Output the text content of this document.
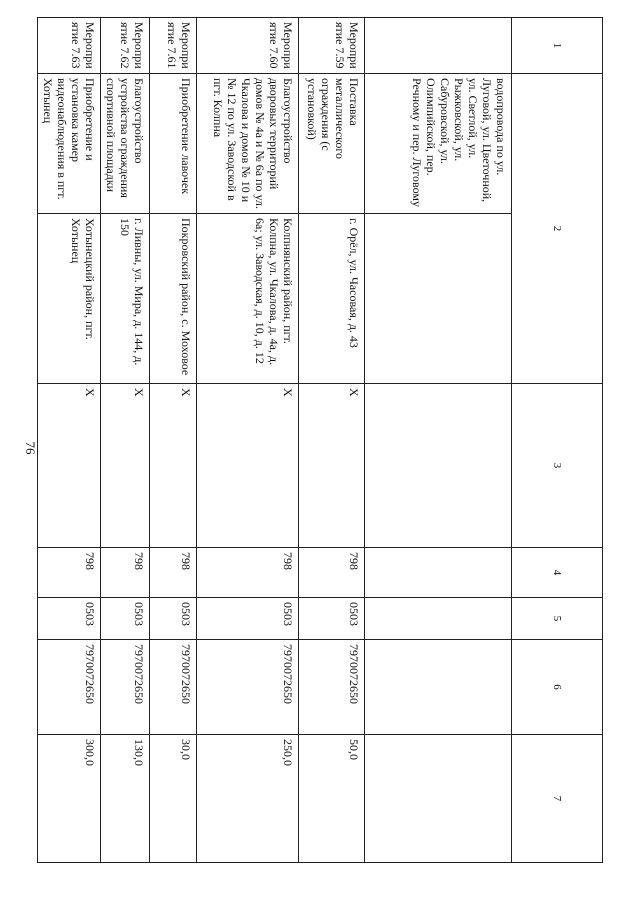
76
1	2		3	4	5	6	7
	водопровода по ул. Луговой, ул. Цветочной, ул. Светлой, ул. Рыжковской, ул. Сабуровской, ул. Олимпийской, пер. Речному и пер. Луговому						
Мероприятие 7.59	Поставка металлического ограждения (с установкой)	г. Орёл, ул. Часовая, д. 43	X	798	0503	7970072650	50,0
Мероприятие 7.60	Благоустройство дворовых территорий домов № 4а и № 6а по ул. Чкалова и домов № 10 и № 12 по ул. Заводской в пгт. Колпна	Колпнянский район, пгт. Колпна, ул. Чкалова, д. 4а, д. 6а; ул. Заводская, д. 10, д. 12	X	798	0503	7970072650	250,0
Мероприятие 7.61	Приобретение лавочек	Покровский район, с. Моховое	X	798	0503	7970072650	30,0
Мероприятие 7.62	Благоустройство устройства ограждения спортивной площадки	г. Ливны, ул. Мира, д. 144, д. 150	X	798	0503	7970072650	130,0
Мероприятие 7.63	Приобретение и установка камер видеонаблюдения в пгт. Хотынец	Хотынецкий район, пгт. Хотынец	X	798	0503	7970072650	300,0
